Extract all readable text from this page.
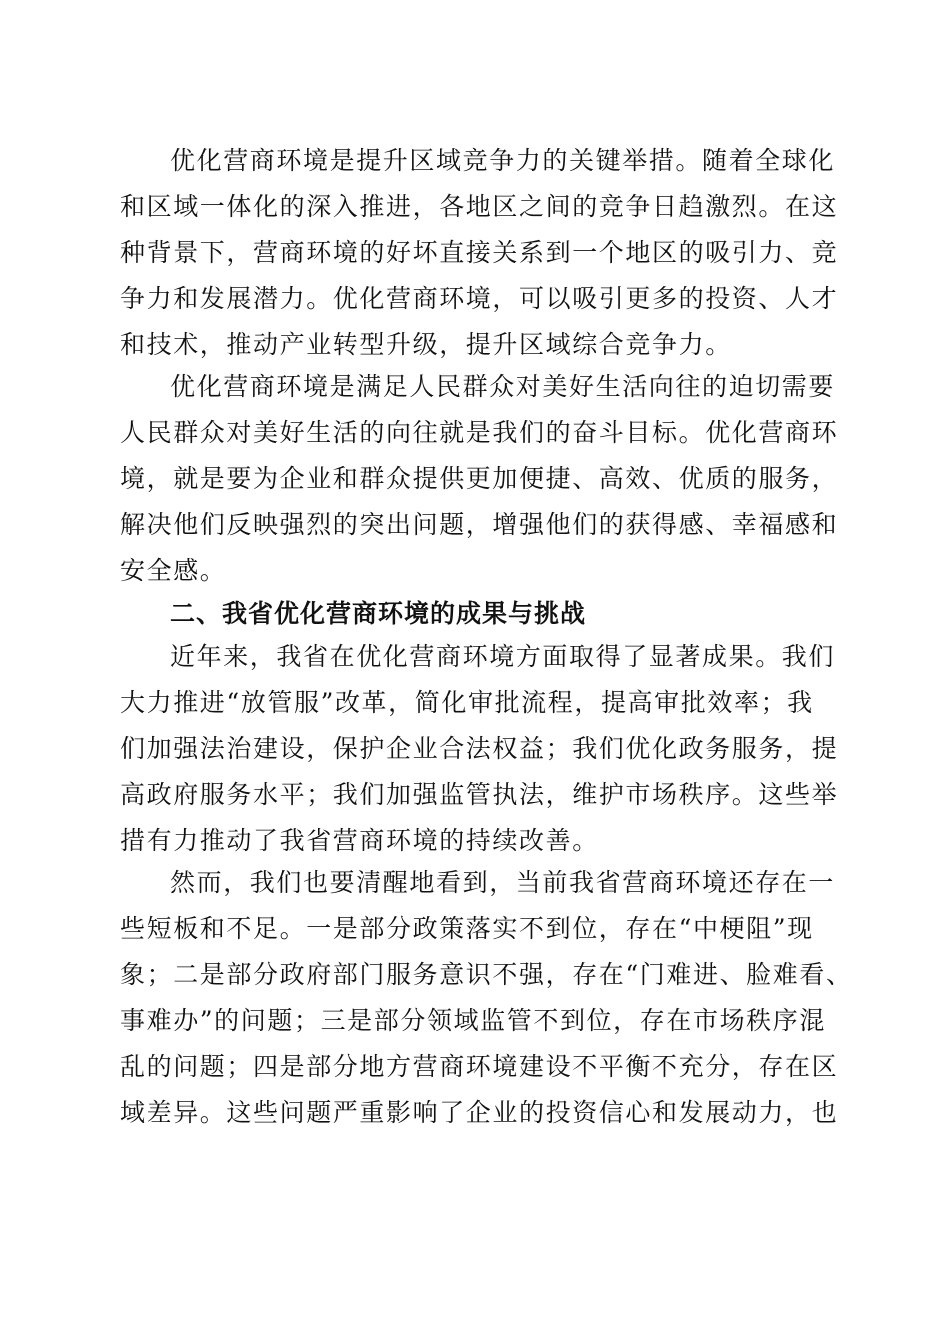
优化营商环境是提升区域竞争力的关键举措。随着全球化
和区域一体化的深入推进，各地区之间的竞争日趋激烈。在这
种背景下，营商环境的好坏直接关系到一个地区的吸引力、竞
争力和发展潜力。优化营商环境，可以吸引更多的投资、人才
和技术，推动产业转型升级，提升区域综合竞争力。
优化营商环境是满足人民群众对美好生活向往的迫切需要
人民群众对美好生活的向往就是我们的奋斗目标。优化营商环
境，就是要为企业和群众提供更加便捷、高效、优质的服务，
解决他们反映强烈的突出问题，增强他们的获得感、幸福感和
安全感。
二、我省优化营商环境的成果与挑战
近年来，我省在优化营商环境方面取得了显著成果。我们
大力推进“放管服”改革，简化审批流程，提高审批效率；我
们加强法治建设，保护企业合法权益；我们优化政务服务，提
高政府服务水平；我们加强监管执法，维护市场秩序。这些举
措有力推动了我省营商环境的持续改善。
然而，我们也要清醒地看到，当前我省营商环境还存在一
些短板和不足。一是部分政策落实不到位，存在“中梗阻”现
象；二是部分政府部门服务意识不强，存在“门难进、脸难看、
事难办”的问题；三是部分领域监管不到位，存在市场秩序混
乱的问题；四是部分地方营商环境建设不平衡不充分，存在区
域差异。这些问题严重影响了企业的投资信心和发展动力，也
